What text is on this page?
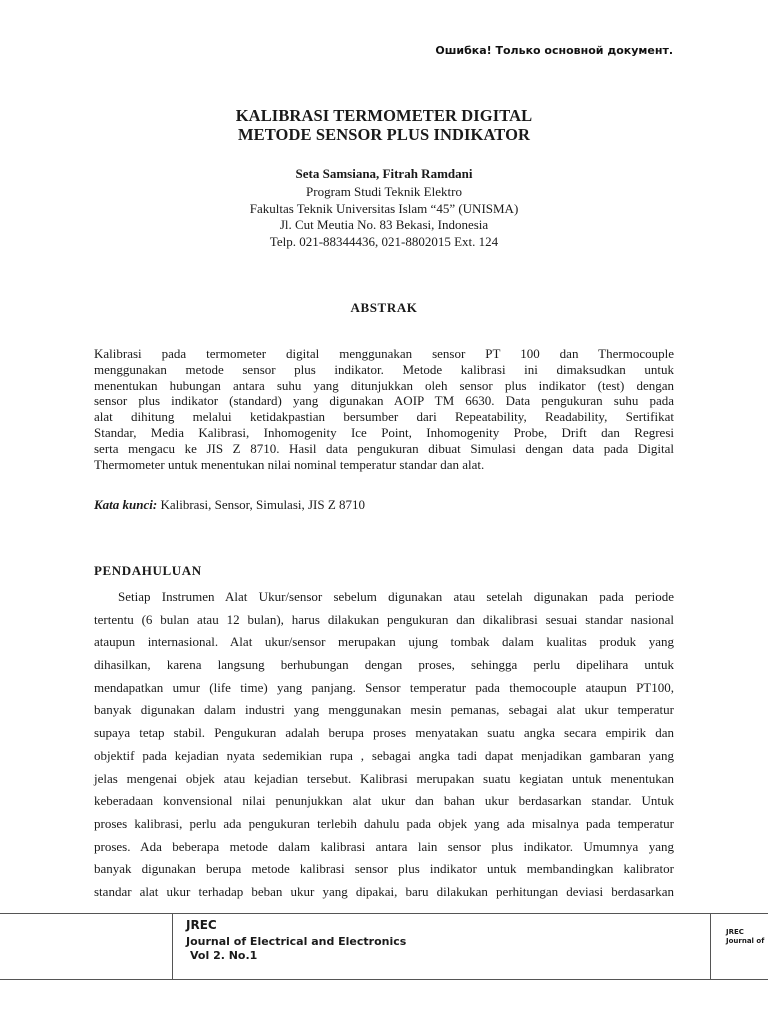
Ошибка! Только основной документ.
KALIBRASI TERMOMETER DIGITAL
METODE SENSOR PLUS INDIKATOR
Seta Samsiana, Fitrah Ramdani
Program Studi Teknik Elektro
Fakultas Teknik Universitas Islam “45” (UNISMA)
Jl. Cut Meutia No. 83 Bekasi, Indonesia
Telp. 021-88344436, 021-8802015 Ext. 124
ABSTRAK
Kalibrasi pada termometer digital menggunakan sensor PT 100 dan Thermocouple
menggunakan metode sensor plus indikator. Metode kalibrasi ini dimaksudkan untuk
menentukan hubungan antara suhu yang ditunjukkan oleh sensor plus indikator (test) dengan
sensor plus indikator (standard) yang digunakan AOIP TM 6630. Data pengukuran suhu pada
alat dihitung melalui ketidakpastian bersumber dari Repeatability, Readability, Sertifikat
Standar, Media Kalibrasi, Inhomogenity Ice Point, Inhomogenity Probe, Drift dan Regresi
serta mengacu ke JIS Z 8710. Hasil data pengukuran dibuat Simulasi dengan data pada Digital
Thermometer untuk menentukan nilai nominal temperatur standar dan alat.
Kata kunci: Kalibrasi, Sensor, Simulasi, JIS Z 8710
PENDAHULUAN
Setiap Instrumen Alat Ukur/sensor sebelum digunakan atau setelah digunakan pada periode
tertentu (6 bulan atau 12 bulan), harus dilakukan pengukuran dan dikalibrasi sesuai standar nasional
ataupun internasional. Alat ukur/sensor merupakan ujung tombak dalam kualitas produk yang
dihasilkan, karena langsung berhubungan dengan proses, sehingga perlu dipelihara untuk
mendapatkan umur (life time) yang panjang. Sensor temperatur pada themocouple ataupun PT100,
banyak digunakan dalam industri yang menggunakan mesin pemanas, sebagai alat ukur temperatur
supaya tetap stabil. Pengukuran adalah berupa proses menyatakan suatu angka secara empirik dan
objektif pada kejadian nyata sedemikian rupa , sebagai angka tadi dapat menjadikan gambaran yang
jelas mengenai objek atau kejadian tersebut. Kalibrasi merupakan suatu kegiatan untuk menentukan
keberadaan konvensional nilai penunjukkan alat ukur dan bahan ukur berdasarkan standar. Untuk
proses kalibrasi, perlu ada pengukuran terlebih dahulu pada objek yang ada misalnya pada temperatur
proses. Ada beberapa metode dalam kalibrasi antara lain sensor plus indikator. Umumnya yang
banyak digunakan berupa metode kalibrasi sensor plus indikator untuk membandingkan kalibrator
standar alat ukur terhadap beban ukur yang dipakai, baru dilakukan perhitungan deviasi berdasarkan
JREC
Journal of Electrical and Electronics
Vol 2. No.1
JREC
Journal of
